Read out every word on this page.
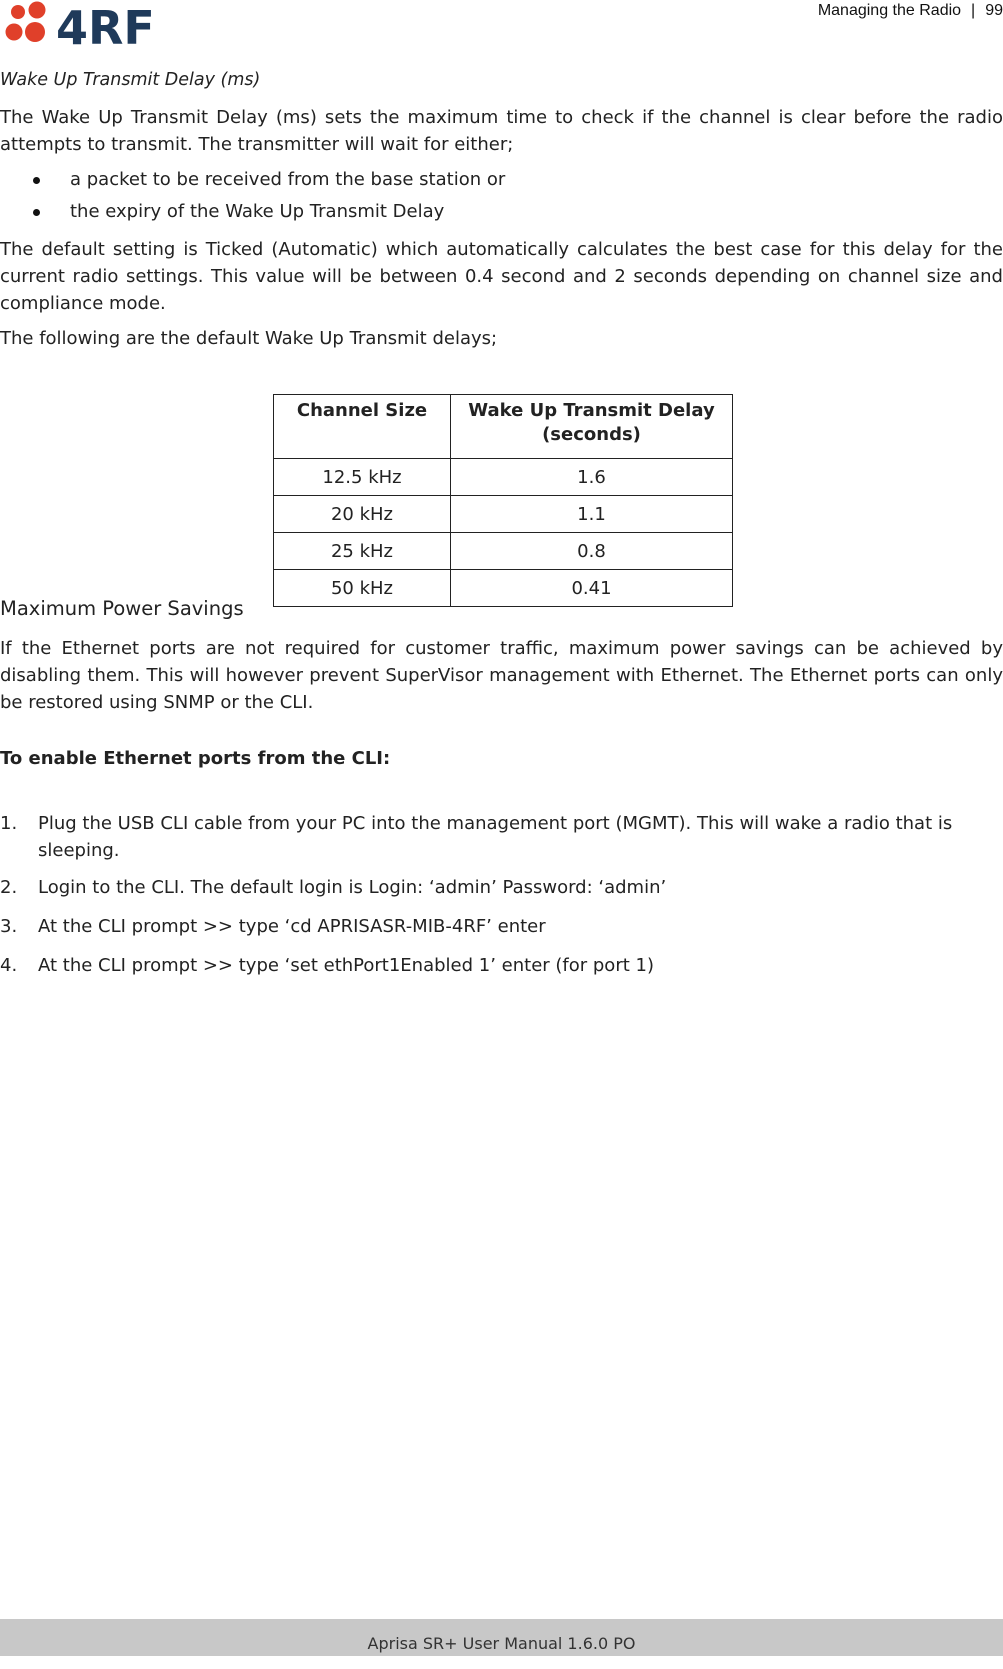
4RF	Managing the Radio | 99

Wake Up Transmit Delay (ms)

The Wake Up Transmit Delay (ms) sets the maximum time to check if the channel is clear before the radio attempts to transmit. The transmitter will wait for either;

a packet to be received from the base station or
the expiry of the Wake Up Transmit Delay

The default setting is Ticked (Automatic) which automatically calculates the best case for this delay for the current radio settings. This value will be between 0.4 second and 2 seconds depending on channel size and compliance mode.

The following are the default Wake Up Transmit delays;

Channel Size	Wake Up Transmit Delay
(seconds)
12.5 kHz	1.6
20 kHz	1.1
25 kHz	0.8
50 kHz	0.41
Maximum Power Savings

If the Ethernet ports are not required for customer traffic, maximum power savings can be achieved by disabling them. This will however prevent SuperVisor management with Ethernet. The Ethernet ports can only be restored using SNMP or the CLI.

To enable Ethernet ports from the CLI:
1. Plug the USB CLI cable from your PC into the management port (MGMT). This will wake a radio that is sleeping.
2. Login to the CLI. The default login is Login: ‘admin’ Password: ‘admin’
3. At the CLI prompt >> type ‘cd APRISASR-MIB-4RF’ enter
4. At the CLI prompt >> type ‘set ethPort1Enabled 1’ enter (for port 1)
Aprisa SR+ User Manual 1.6.0 PO
